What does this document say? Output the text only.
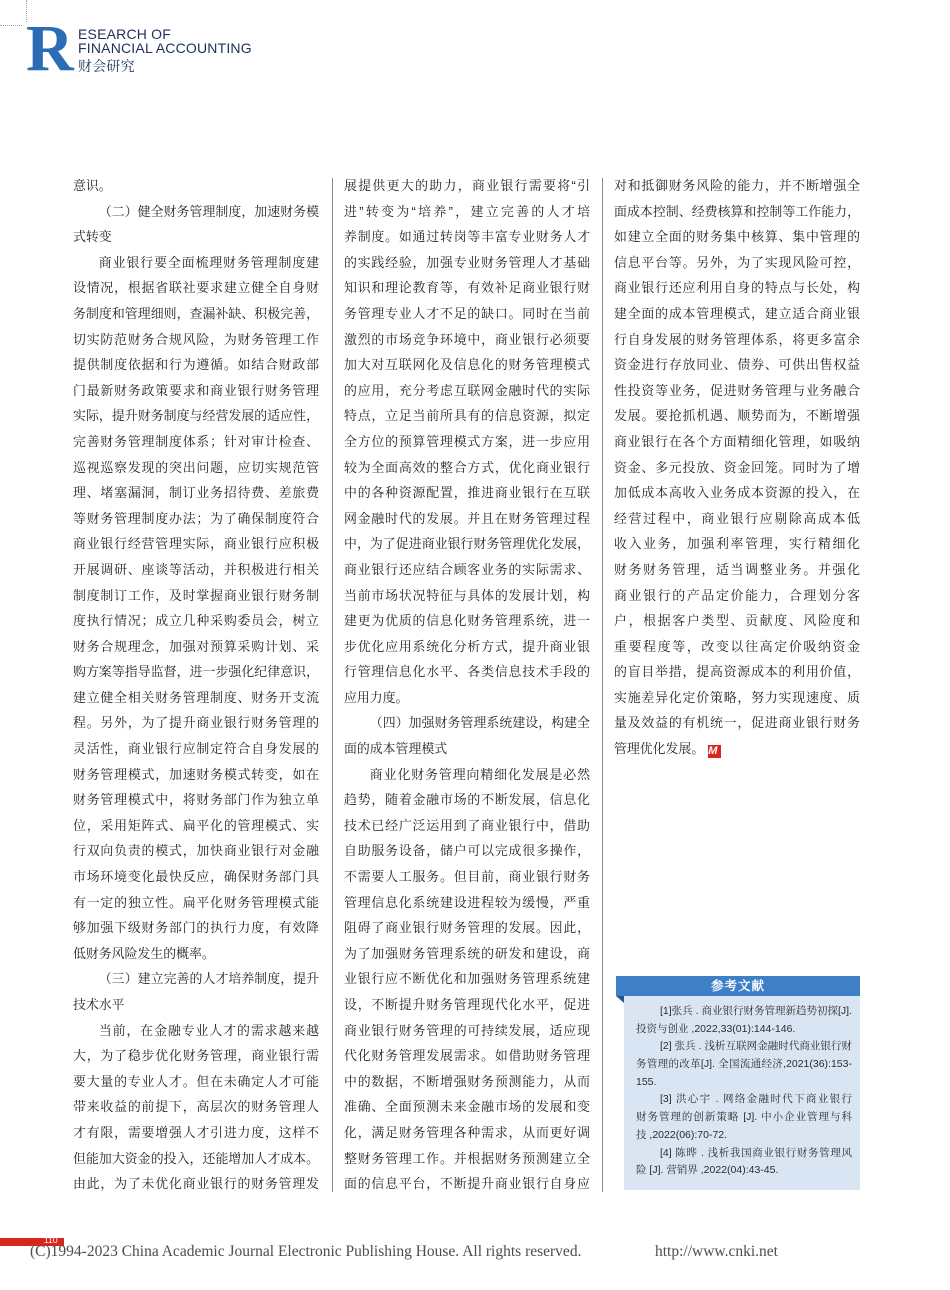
R ESEARCH OF
FINANCIAL ACCOUNTING
财会研究
意识。
（二）健全财务管理制度，加速财务模
式转变
商业银行要全面梳理财务管理制度建
设情况，根据省联社要求建立健全自身财
务制度和管理细则，查漏补缺、积极完善，
切实防范财务合规风险，为财务管理工作
提供制度依据和行为遵循。如结合财政部
门最新财务政策要求和商业银行财务管理
实际，提升财务制度与经营发展的适应性，
完善财务管理制度体系；针对审计检查、
巡视巡察发现的突出问题，应切实规范管
理、堵塞漏洞，制订业务招待费、差旅费
等财务管理制度办法；为了确保制度符合
商业银行经营管理实际，商业银行应积极
开展调研、座谈等活动，并积极进行相关
制度制订工作，及时掌握商业银行财务制
度执行情况；成立几种采购委员会，树立
财务合规理念，加强对预算采购计划、采
购方案等指导监督，进一步强化纪律意识，
建立健全相关财务管理制度、财务开支流
程。另外，为了提升商业银行财务管理的
灵活性，商业银行应制定符合自身发展的
财务管理模式，加速财务模式转变，如在
财务管理模式中，将财务部门作为独立单
位，采用矩阵式、扁平化的管理模式、实
行双向负责的模式，加快商业银行对金融
市场环境变化最快反应，确保财务部门具
有一定的独立性。扁平化财务管理模式能
够加强下级财务部门的执行力度，有效降
低财务风险发生的概率。
（三）建立完善的人才培养制度，提升
技术水平
当前，在金融专业人才的需求越来越
大，为了稳步优化财务管理，商业银行需
要大量的专业人才。但在未确定人才可能
带来收益的前提下，高层次的财务管理人
才有限，需要增强人才引进力度，这样不
但能加大资金的投入，还能增加人才成本。
由此，为了未优化商业银行的财务管理发
展提供更大的助力，商业银行需要将“引
进”转变为“培养”，建立完善的人才培
养制度。如通过转岗等丰富专业财务人才
的实践经验，加强专业财务管理人才基础
知识和理论教育等，有效补足商业银行财
务管理专业人才不足的缺口。同时在当前
激烈的市场竞争环境中，商业银行必须要
加大对互联网化及信息化的财务管理模式
的应用，充分考虑互联网金融时代的实际
特点，立足当前所具有的信息资源，拟定
全方位的预算管理模式方案，进一步应用
较为全面高效的整合方式，优化商业银行
中的各种资源配置，推进商业银行在互联
网金融时代的发展。并且在财务管理过程
中，为了促进商业银行财务管理优化发展，
商业银行还应结合顾客业务的实际需求、
当前市场状况特征与具体的发展计划，构
建更为优质的信息化财务管理系统，进一
步优化应用系统化分析方式，提升商业银
行管理信息化水平、各类信息技术手段的
应用力度。
（四）加强财务管理系统建设，构建全
面的成本管理模式
商业化财务管理向精细化发展是必然
趋势，随着金融市场的不断发展，信息化
技术已经广泛运用到了商业银行中，借助
自助服务设备，储户可以完成很多操作，
不需要人工服务。但目前，商业银行财务
管理信息化系统建设进程较为缓慢，严重
阻碍了商业银行财务管理的发展。因此，
为了加强财务管理系统的研发和建设，商
业银行应不断优化和加强财务管理系统建
设，不断提升财务管理现代化水平，促进
商业银行财务管理的可持续发展，适应现
代化财务管理发展需求。如借助财务管理
中的数据，不断增强财务预测能力，从而
准确、全面预测未来金融市场的发展和变
化，满足财务管理各种需求，从而更好调
整财务管理工作。并根据财务预测建立全
面的信息平台，不断提升商业银行自身应
对和抵御财务风险的能力，并不断增强全
面成本控制、经费核算和控制等工作能力，
如建立全面的财务集中核算、集中管理的
信息平台等。另外，为了实现风险可控，
商业银行还应利用自身的特点与长处，构
建全面的成本管理模式，建立适合商业银
行自身发展的财务管理体系，将更多富余
资金进行存放同业、债券、可供出售权益
性投资等业务，促进财务管理与业务融合
发展。要抢抓机遇、顺势而为，不断增强
商业银行在各个方面精细化管理，如吸纳
资金、多元投放、资金回笼。同时为了增
加低成本高收入业务成本资源的投入，在
经营过程中，商业银行应剔除高成本低
收入业务，加强利率管理，实行精细化
财务财务管理，适当调整业务。并强化
商业银行的产品定价能力，合理划分客
户，根据客户类型、贡献度、风险度和
重要程度等，改变以往高定价吸纳资金
的盲目举措，提高资源成本的利用价值，
实施差异化定价策略，努力实现速度、质
量及效益的有机统一，促进商业银行财务
管理优化发展。 M
参考文献
[1]张兵 . 商业银行财务管理新趋势初探[J].
投资与创业 ,2022,33(01):144-146.
[2] 张兵 . 浅析互联网金融时代商业银行财
务管理的改革[J]. 全国流通经济,2021(36):153-
155.
[3] 洪心宇 . 网络金融时代下商业银行
财务管理的创新策略 [J]. 中小企业管理与科
技 ,2022(06):70-72.
[4] 陈晔 . 浅析我国商业银行财务管理风
险 [J]. 营销界 ,2022(04):43-45.
110
(C)1994-2023 China Academic Journal Electronic Publishing House. All rights reserved.	http://www.cnki.net
